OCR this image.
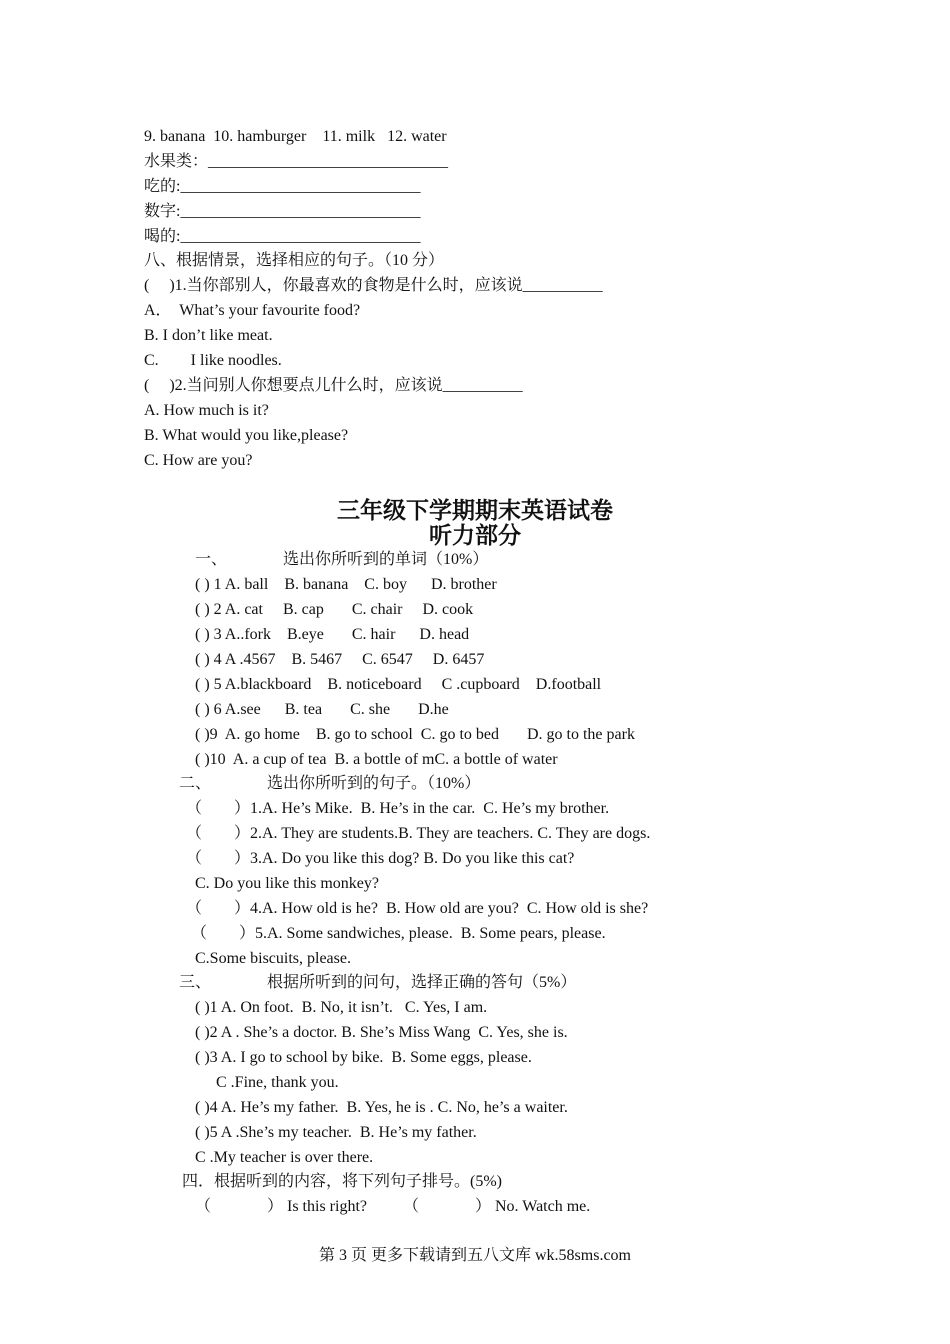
9. banana  10. hamburger    11. milk   12. water
水果类：______________________________
吃的:______________________________
数字:______________________________
喝的:______________________________
八、根据情景，选择相应的句子。（10 分）
(     )1.当你部别人，你最喜欢的食物是什么时，应该说__________
A．  What’s your favourite food?
B. I don’t like meat.
C.        I like noodles.
(     )2.当问别人你想要点儿什么时，应该说__________
A. How much is it?
B. What would you like,please?
C. How are you?
三年级下学期期末英语试卷
听力部分
一、              选出你所听到的单词（10%）
( ) 1 A. ball    B. banana    C. boy      D. brother
( ) 2 A. cat     B. cap       C. chair     D. cook
( ) 3 A..fork    B.eye       C. hair      D. head
( ) 4 A .4567    B. 5467     C. 6547     D. 6457
( ) 5 A.blackboard    B. noticeboard     C .cupboard    D.football
( ) 6 A.see      B. tea       C. she       D.he
( )9  A. go home    B. go to school  C. go to bed       D. go to the park
( )10  A. a cup of tea  B. a bottle of mC. a bottle of water
二、              选出你所听到的句子。（10%）
（        ）1.A. He’s Mike.  B. He’s in the car.  C. He’s my brother.
（        ）2.A. They are students.B. They are teachers. C. They are dogs.
（        ）3.A. Do you like this dog? B. Do you like this cat?
C. Do you like this monkey?
（        ）4.A. How old is he?  B. How old are you?  C. How old is she?
（        ）5.A. Some sandwiches, please.  B. Some pears, please.
C.Some biscuits, please.
三、              根据所听到的问句，选择正确的答句（5%）
( )1 A. On foot.  B. No, it isn’t.   C. Yes, I am.
( )2 A . She’s a doctor. B. She’s Miss Wang  C. Yes, she is.
( )3 A. I go to school by bike.  B. Some eggs, please.
C .Fine, thank you.
( )4 A. He’s my father.  B. Yes, he is . C. No, he’s a waiter.
( )5 A .She’s my teacher.  B. He’s my father.
C .My teacher is over there.
四．根据听到的内容，将下列句子排号。(5%)
（              ） Is this right?         （              ） No. Watch me.
第 3 页 更多下载请到五八文库 wk.58sms.com
